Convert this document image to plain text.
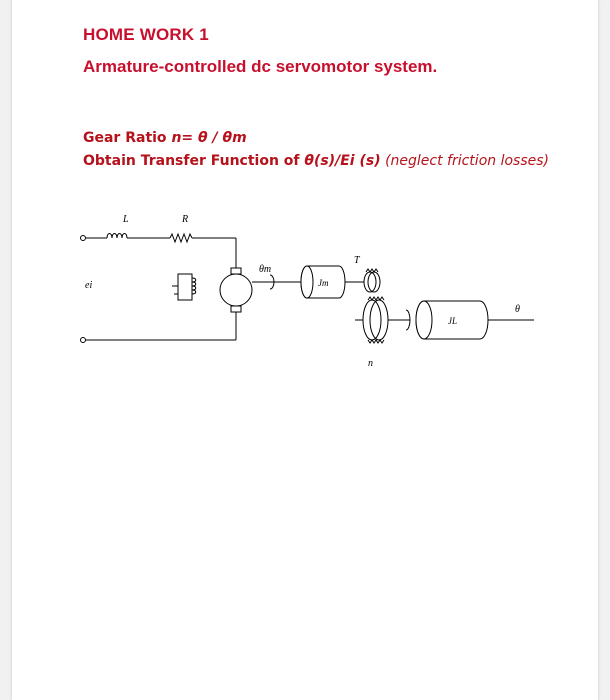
HOME WORK 1
Armature-controlled dc servomotor system.
Gear Ratio n= θ / θm
Obtain Transfer Function of θ(s)/Ei (s) (neglect friction losses)
L	R
ei
θm
Jm
T
JL
θ
n
